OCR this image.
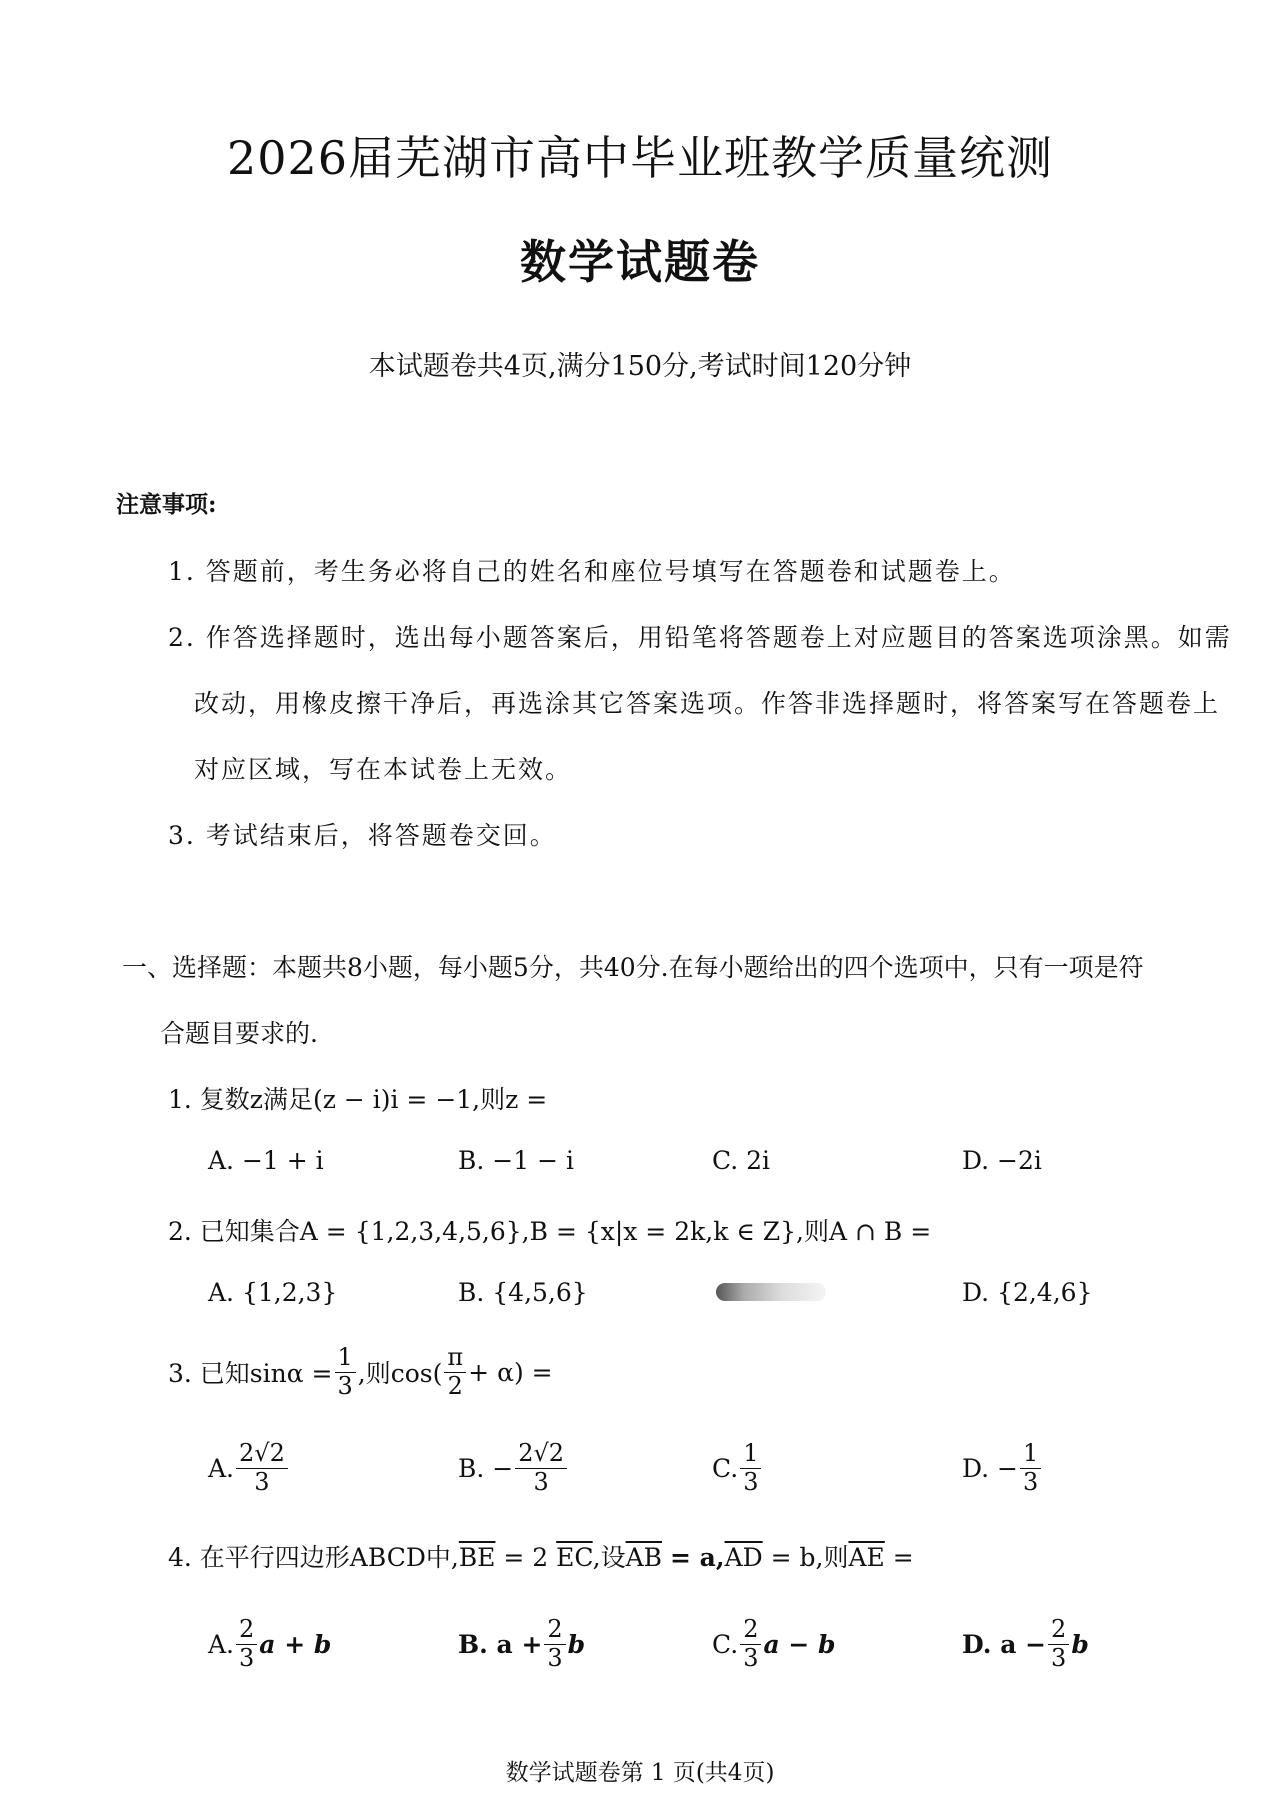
2026届芜湖市高中毕业班教学质量统测
数学试题卷
本试题卷共4页,满分150分,考试时间120分钟
注意事项:
1. 答题前，考生务必将自己的姓名和座位号填写在答题卷和试题卷上。
2. 作答选择题时，选出每小题答案后，用铅笔将答题卷上对应题目的答案选项涂黑。如需
改动，用橡皮擦干净后，再选涂其它答案选项。作答非选择题时，将答案写在答题卷上
对应区域，写在本试卷上无效。
3. 考试结束后，将答题卷交回。
一、选择题：本题共8小题，每小题5分，共40分.在每小题给出的四个选项中，只有一项是符
合题目要求的.
1. 复数z满足(z − i)i = −1,则z =
A. −1 + i	B. −1 − i	C. 2i	D. −2i
2. 已知集合A = {1,2,3,4,5,6},B = {x|x = 2k,k ∈ Z},则A ∩ B =
A. {1,2,3}	B. {4,5,6}	D. {2,4,6}
3. 已知$\sin\alpha = \frac{1}{3}$ ,则$\cos( \frac{\pi}{2} + \alpha)$ =
A. $\frac{2√2}{3}$	B. − $\frac{2√2}{3}$	C. $\frac{1}{3}$	D. − $\frac{1}{3}$
4. 在平行四边形ABCD中$,\overline{BE} = 2$ $\overline{EC}$,设$\overline{AB} = a,\overline{AD} = b$,则$\overline{AE}$ =
A. $\frac{2}{3}$ a + b	B. $a + \frac{2}{3}$ b	C. $\frac{2}{3}$ a − b	D. $a - \frac{2}{3}$ b
数学试题卷第 1 页(共4页)
